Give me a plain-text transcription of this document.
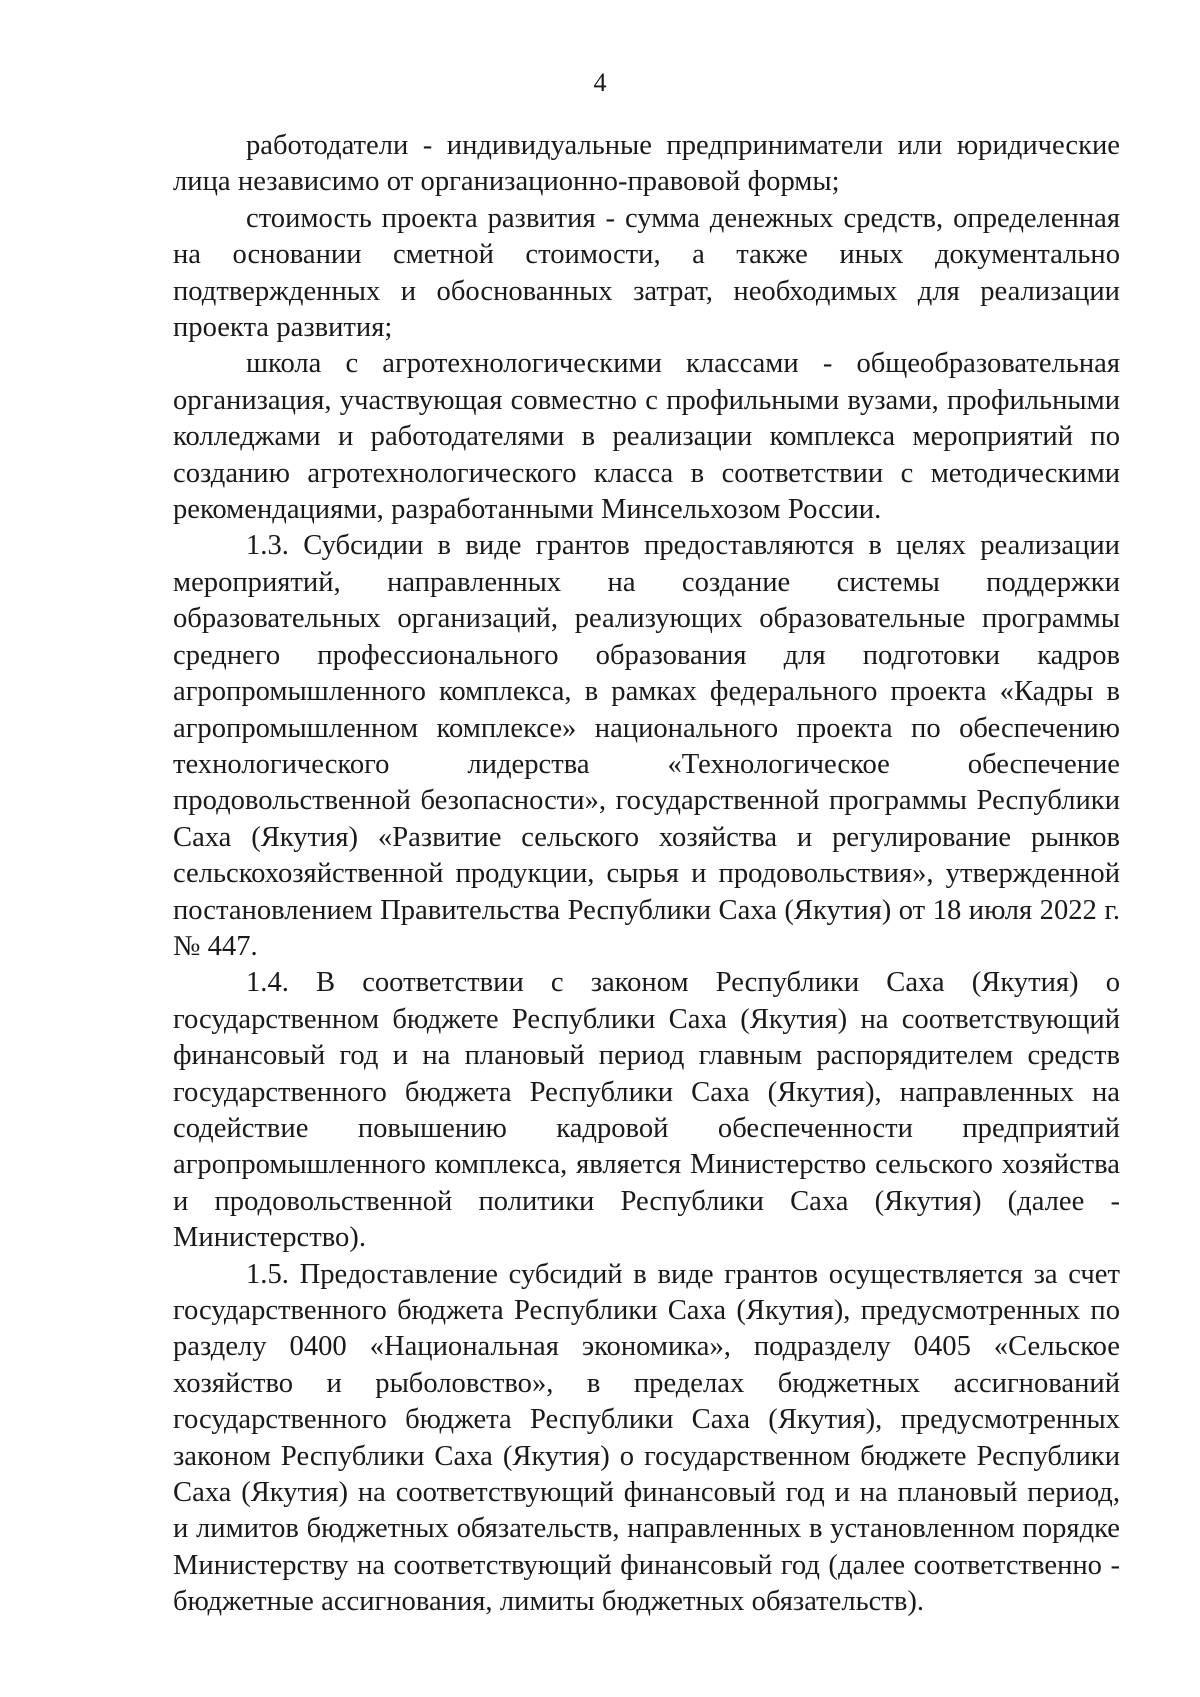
4

работодатели - индивидуальные предприниматели или юридические лица независимо от организационно-правовой формы;

стоимость проекта развития - сумма денежных средств, определенная на основании сметной стоимости, а также иных документально подтвержденных и обоснованных затрат, необходимых для реализации проекта развития;

школа с агротехнологическими классами - общеобразовательная организация, участвующая совместно с профильными вузами, профильными колледжами и работодателями в реализации комплекса мероприятий по созданию агротехнологического класса в соответствии с методическими рекомендациями, разработанными Минсельхозом России.

1.3. Субсидии в виде грантов предоставляются в целях реализации мероприятий, направленных на создание системы поддержки образовательных организаций, реализующих образовательные программы среднего профессионального образования для подготовки кадров агропромышленного комплекса, в рамках федерального проекта «Кадры в агропромышленном комплексе» национального проекта по обеспечению технологического лидерства «Технологическое обеспечение продовольственной безопасности», государственной программы Республики Саха (Якутия) «Развитие сельского хозяйства и регулирование рынков сельскохозяйственной продукции, сырья и продовольствия», утвержденной постановлением Правительства Республики Саха (Якутия) от 18 июля 2022 г. № 447.

1.4. В соответствии с законом Республики Саха (Якутия) о государственном бюджете Республики Саха (Якутия) на соответствующий финансовый год и на плановый период главным распорядителем средств государственного бюджета Республики Саха (Якутия), направленных на содействие повышению кадровой обеспеченности предприятий агропромышленного комплекса, является Министерство сельского хозяйства и продовольственной политики Республики Саха (Якутия) (далее - Министерство).

1.5. Предоставление субсидий в виде грантов осуществляется за счет государственного бюджета Республики Саха (Якутия), предусмотренных по разделу 0400 «Национальная экономика», подразделу 0405 «Сельское хозяйство и рыболовство», в пределах бюджетных ассигнований государственного бюджета Республики Саха (Якутия), предусмотренных законом Республики Саха (Якутия) о государственном бюджете Республики Саха (Якутия) на соответствующий финансовый год и на плановый период, и лимитов бюджетных обязательств, направленных в установленном порядке Министерству на соответствующий финансовый год (далее соответственно - бюджетные ассигнования, лимиты бюджетных обязательств).
